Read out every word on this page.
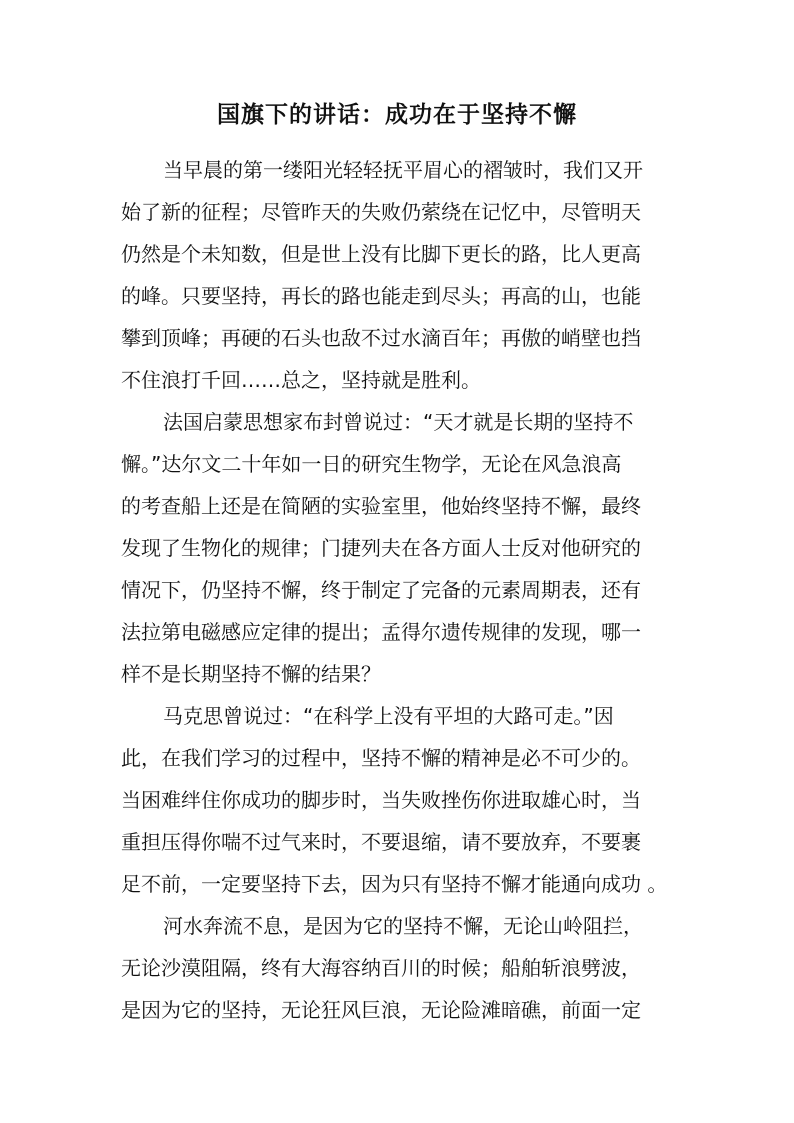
国旗下的讲话：成功在于坚持不懈

当早晨的第一缕阳光轻轻抚平眉心的褶皱时，我们又开

始了新的征程；尽管昨天的失败仍萦绕在记忆中，尽管明天

仍然是个未知数，但是世上没有比脚下更长的路，比人更高

的峰。只要坚持，再长的路也能走到尽头；再高的山，也能

攀到顶峰；再硬的石头也敌不过水滴百年；再傲的峭壁也挡

不住浪打千回……总之，坚持就是胜利。

法国启蒙思想家布封曾说过：“天才就是长期的坚持不

懈。”达尔文二十年如一日的研究生物学，无论在风急浪高

的考查船上还是在简陋的实验室里，他始终坚持不懈，最终

发现了生物化的规律；门捷列夫在各方面人士反对他研究的

情况下，仍坚持不懈，终于制定了完备的元素周期表，还有

法拉第电磁感应定律的提出；孟得尔遗传规律的发现，哪一

样不是长期坚持不懈的结果？

马克思曾说过：“在科学上没有平坦的大路可走。”因

此，在我们学习的过程中，坚持不懈的精神是必不可少的。

当困难绊住你成功的脚步时，当失败挫伤你进取雄心时，当

重担压得你喘不过气来时，不要退缩，请不要放弃，不要裹

足不前，一定要坚持下去，因为只有坚持不懈才能通向成功 。

河水奔流不息，是因为它的坚持不懈，无论山岭阻拦，

无论沙漠阻隔，终有大海容纳百川的时候；船舶斩浪劈波，

是因为它的坚持，无论狂风巨浪，无论险滩暗礁，前面一定
